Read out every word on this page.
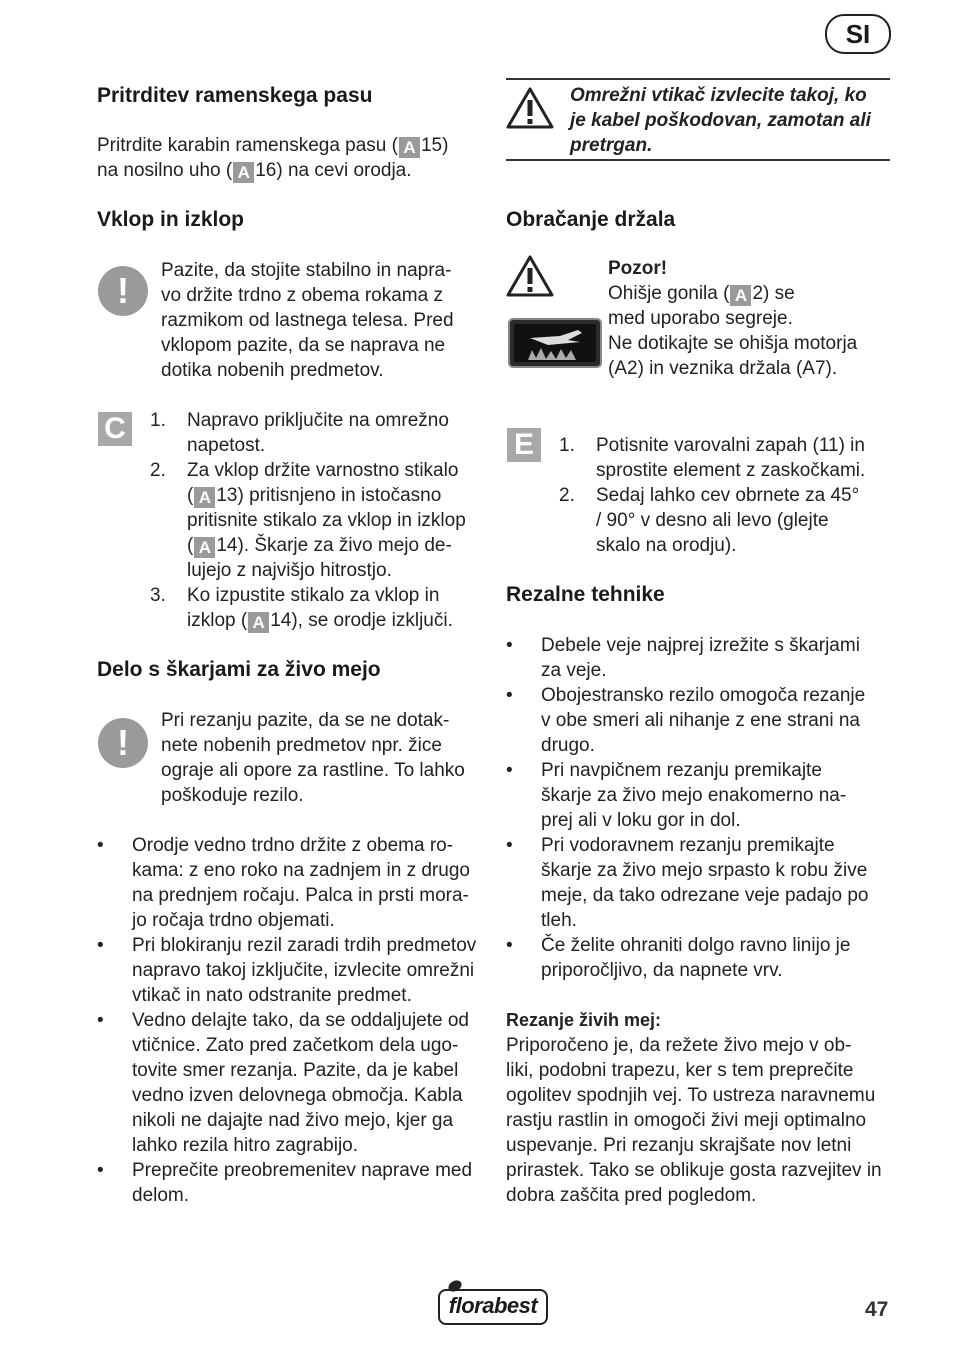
SI
Pritrditev ramenskega pasu

Pritrdite karabin ramenskega pasu ( A 15)

na nosilno uho ( A 16) na cevi orodja.

Vklop in izklop
!	Pazite, da stojite stabilno in napra-

vo držite trdno z obema rokama z

razmikom od lastnega telesa. Pred

vklopom pazite, da se naprava ne

dotika nobenih predmetov.

C	1. Napravo priključite na omrežno

napetost.

2. Za vklop držite varnostno stikalo

( A 13) pritisnjeno in istočasno

pritisnite stikalo za vklop in izklop

( A 14). Škarje za živo mejo de-

lujejo z najvišjo hitrostjo.

3. Ko izpustite stikalo za vklop in

izklop ( A 14), se orodje izključi.

Delo s škarjami za živo mejo
!

Pri rezanju pazite, da se ne dotak-

nete nobenih predmetov npr. žice

ograje ali opore za rastline. To lahko

poškoduje rezilo.

• Orodje vedno trdno držite z obema ro-

kama: z eno roko na zadnjem in z drugo

na prednjem ročaju. Palca in prsti mora-

jo ročaja trdno objemati.

• Pri blokiranju rezil zaradi trdih predmetov

napravo takoj izključite, izvlecite omrežni

vtikač in nato odstranite predmet.

• Vedno delajte tako, da se oddaljujete od

vtičnice. Zato pred začetkom dela ugo-

tovite smer rezanja. Pazite, da je kabel

vedno izven delovnega območja. Kabla

nikoli ne dajajte nad živo mejo, kjer ga

lahko rezila hitro zagrabijo.

• Preprečite preobremenitev naprave med

delom.

Omrežni vtikač izvlecite takoj, ko

je kabel poškodovan, zamotan ali

pretrgan.

Obračanje držala

Pozor!

Ohišje gonila ( A 2) se

med uporabo segreje.

Ne dotikajte se ohišja motorja

(A2) in veznika držala (A7).

E	1. Potisnite varovalni zapah (11) in

sprostite element z zaskočkami.

2. Sedaj lahko cev obrnete za 45°

/ 90° v desno ali levo (glejte

skalo na orodju).

Rezalne tehnike
• Debele veje najprej izrežite s škarjami

za veje.

• Obojestransko rezilo omogoča rezanje

v obe smeri ali nihanje z ene strani na

drugo.

• Pri navpičnem rezanju premikajte

škarje za živo mejo enakomerno na-

prej ali v loku gor in dol.

• Pri vodoravnem rezanju premikajte

škarje za živo mejo srpasto k robu žive

meje, da tako odrezane veje padajo po

tleh.

• Če želite ohraniti dolgo ravno linijo je

priporočljivo, da napnete vrv.

Rezanje živih mej:

Priporočeno je, da režete živo mejo v ob-

liki, podobni trapezu, ker s tem preprečite

ogolitev spodnjih vej. To ustreza naravnemu

rastju rastlin in omogoči živi meji optimalno

uspevanje. Pri rezanju skrajšate nov letni

prirastek. Tako se oblikuje gosta razvejitev in

dobra zaščita pred pogledom.

florabest	47
